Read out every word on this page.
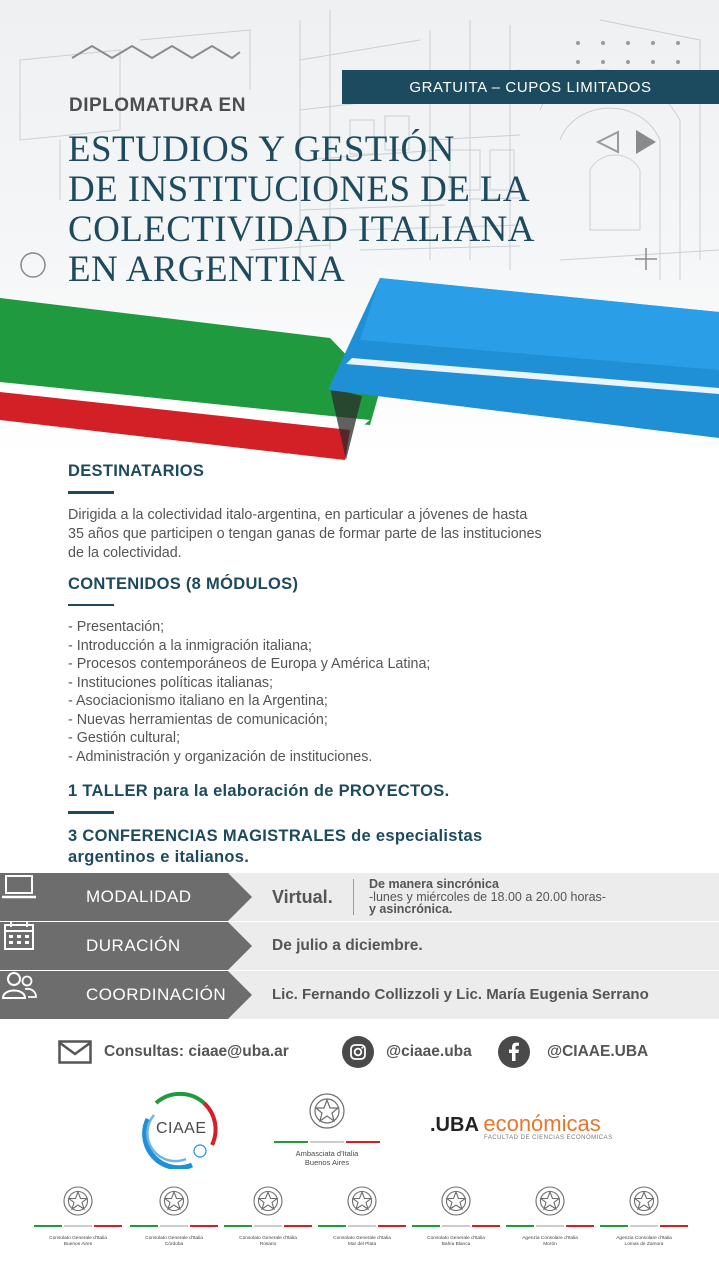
GRATUITA – CUPOS LIMITADOS
DIPLOMATURA EN
ESTUDIOS Y GESTIÓN
DE INSTITUCIONES DE LA
COLECTIVIDAD ITALIANA
EN ARGENTINA
DESTINATARIOS
Dirigida a la colectividad italo-argentina, en particular a jóvenes de hasta
35 años que participen o tengan ganas de formar parte de las instituciones
de la colectividad.
CONTENIDOS (8 MÓDULOS)
- Presentación;
- Introducción a la inmigración italiana;
- Procesos contemporáneos de Europa y América Latina;
- Instituciones políticas italianas;
- Asociacionismo italiano en la Argentina;
- Nuevas herramientas de comunicación;
- Gestión cultural;
- Administración y organización de instituciones.
1 TALLER para la elaboración de PROYECTOS.
3 CONFERENCIAS MAGISTRALES de especialistas
argentinos e italianos.
MODALIDAD	Virtual.
De manera sincrónica
-lunes y miércoles de 18.00 a 20.00 horas-
y asincrónica.
DURACIÓN	De julio a diciembre.
COORDINACIÓN	Lic. Fernando Collizzoli y Lic. María Eugenia Serrano
Consultas: ciaae@uba.ar	@ciaae.uba	@CIAAE.UBA
CIAAE
Ambasciata d'Italia
Buenos Aires
.UBA económicas
FACULTAD DE CIENCIAS ECONÓMICAS
Consolato Generale d'Italia
Buenos Aires
Consolato Generale d'Italia
Córdoba
Consolato Generale d'Italia
Rosario
Consolato Generale d'Italia
Mar del Plata
Consolato Generale d'Italia
Bahía Blanca
Agenzia Consolare d'Italia
Morón
Agenzia Consolare d'Italia
Lomas de Zamora
